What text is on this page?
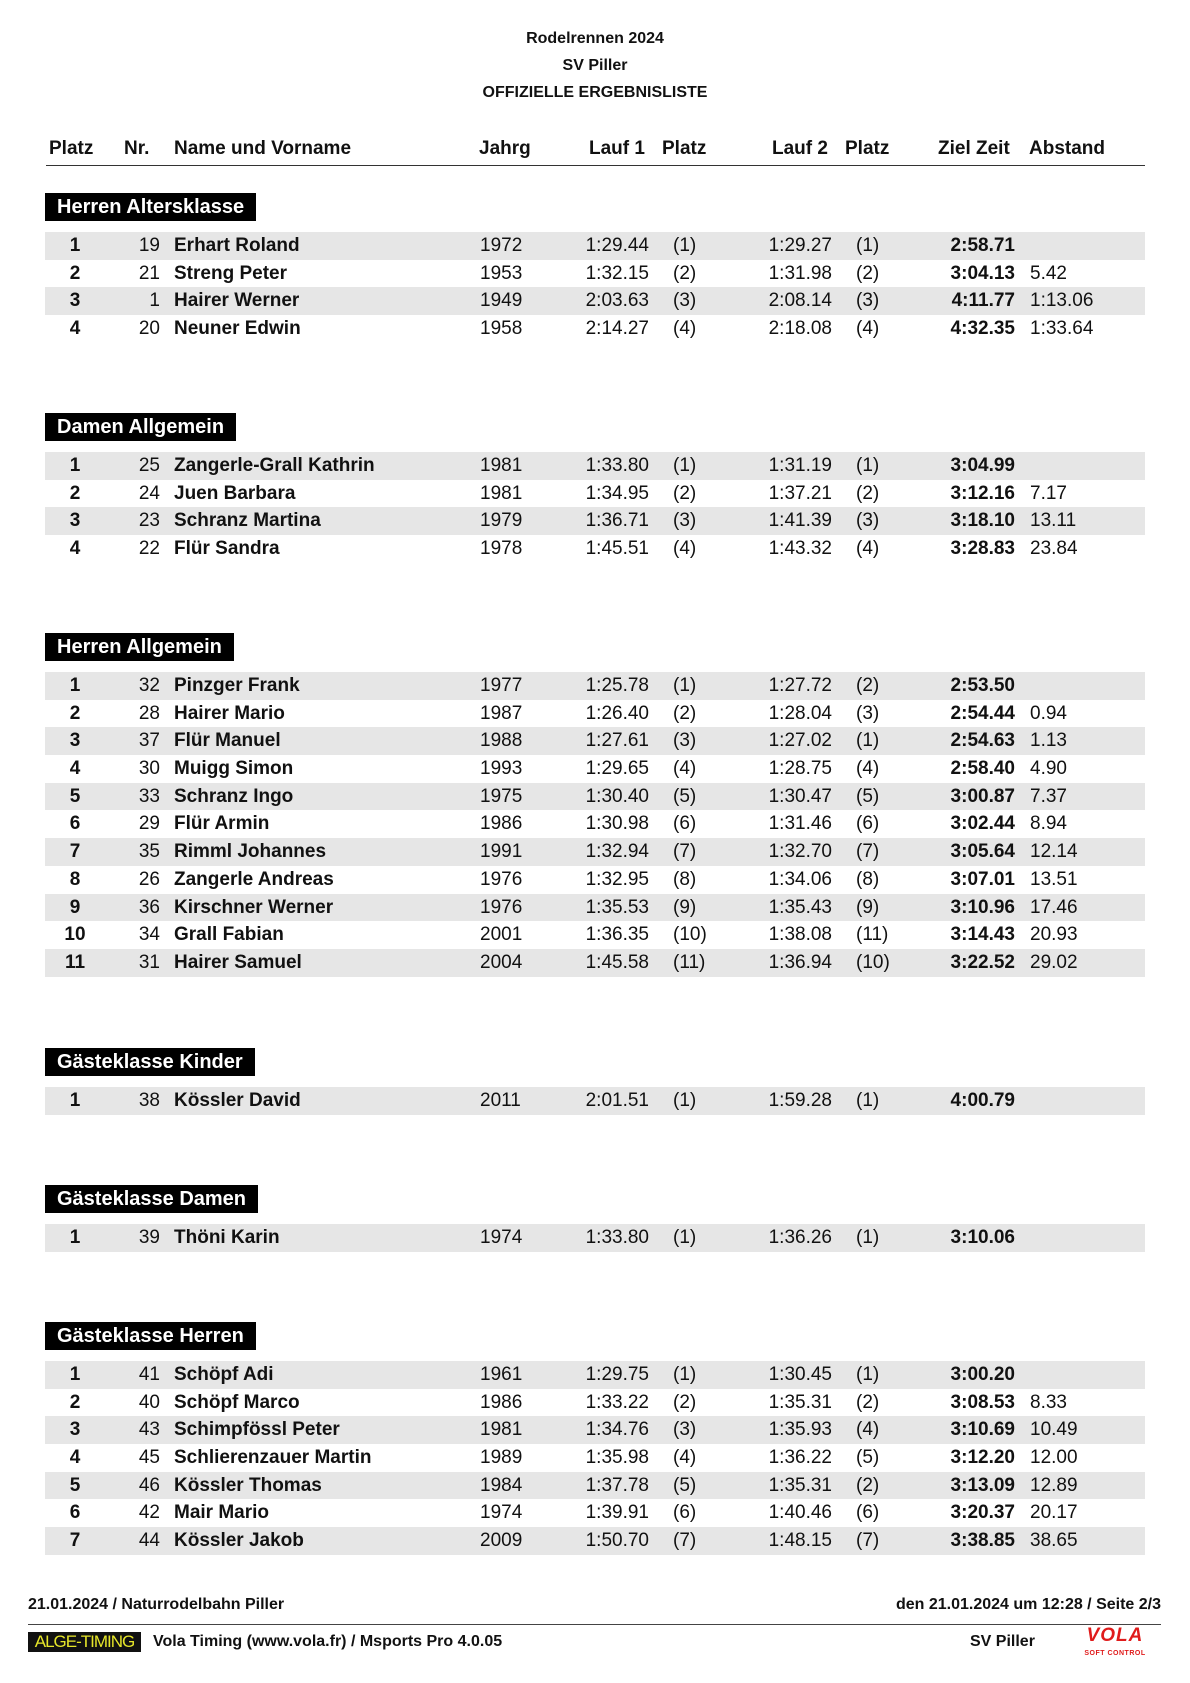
Rodelrennen 2024
SV Piller
OFFIZIELLE ERGEBNISLISTE
Platz Nr. Name und Vorname	Jahrg	Lauf 1 Platz	Lauf 2 Platz	Ziel Zeit Abstand
Herren Altersklasse
1	19 Erhart Roland	1972	1:29.44 (1)	1:29.27 (1)	2:58.71
2	21 Streng Peter	1953	1:32.15 (2)	1:31.98 (2)	3:04.13 5.42
3	1 Hairer Werner	1949	2:03.63 (3)	2:08.14 (3)	4:11.77 1:13.06
4	20 Neuner Edwin	1958	2:14.27 (4)	2:18.08 (4)	4:32.35 1:33.64
Damen Allgemein
1	25 Zangerle-Grall Kathrin	1981	1:33.80 (1)	1:31.19 (1)	3:04.99
2	24 Juen Barbara	1981	1:34.95 (2)	1:37.21 (2)	3:12.16 7.17
3	23 Schranz Martina	1979	1:36.71 (3)	1:41.39 (3)	3:18.10 13.11
4	22 Flür Sandra	1978	1:45.51 (4)	1:43.32 (4)	3:28.83 23.84
Herren Allgemein
1	32 Pinzger Frank	1977	1:25.78 (1)	1:27.72 (2)	2:53.50
2	28 Hairer Mario	1987	1:26.40 (2)	1:28.04 (3)	2:54.44 0.94
3	37 Flür Manuel	1988	1:27.61 (3)	1:27.02 (1)	2:54.63 1.13
4	30 Muigg Simon	1993	1:29.65 (4)	1:28.75 (4)	2:58.40 4.90
5	33 Schranz Ingo	1975	1:30.40 (5)	1:30.47 (5)	3:00.87 7.37
6	29 Flür Armin	1986	1:30.98 (6)	1:31.46 (6)	3:02.44 8.94
7	35 Rimml Johannes	1991	1:32.94 (7)	1:32.70 (7)	3:05.64 12.14
8	26 Zangerle Andreas	1976	1:32.95 (8)	1:34.06 (8)	3:07.01 13.51
9	36 Kirschner Werner	1976	1:35.53 (9)	1:35.43 (9)	3:10.96 17.46
10	34 Grall Fabian	2001	1:36.35 (10)	1:38.08 (11)	3:14.43 20.93
11	31 Hairer Samuel	2004	1:45.58 (11)	1:36.94 (10)	3:22.52 29.02
Gästeklasse Kinder
1	38 Kössler David	2011	2:01.51 (1)	1:59.28 (1)	4:00.79
Gästeklasse Damen
1	39 Thöni Karin	1974	1:33.80 (1)	1:36.26 (1)	3:10.06
Gästeklasse Herren
1	41 Schöpf Adi	1961	1:29.75 (1)	1:30.45 (1)	3:00.20
2	40 Schöpf Marco	1986	1:33.22 (2)	1:35.31 (2)	3:08.53 8.33
3	43 Schimpfössl Peter	1981	1:34.76 (3)	1:35.93 (4)	3:10.69 10.49
4	45 Schlierenzauer Martin	1989	1:35.98 (4)	1:36.22 (5)	3:12.20 12.00
5	46 Kössler Thomas	1984	1:37.78 (5)	1:35.31 (2)	3:13.09 12.89
6	42 Mair Mario	1974	1:39.91 (6)	1:40.46 (6)	3:20.37 20.17
7	44 Kössler Jakob	2009	1:50.70 (7)	1:48.15 (7)	3:38.85 38.65
21.01.2024 / Naturrodelbahn Piller	den 21.01.2024 um 12:28 / Seite 2/3
ALGE-TIMING	Vola Timing (www.vola.fr) / Msports Pro 4.0.05	SV Piller	VOLA
SOFT CONTROL
